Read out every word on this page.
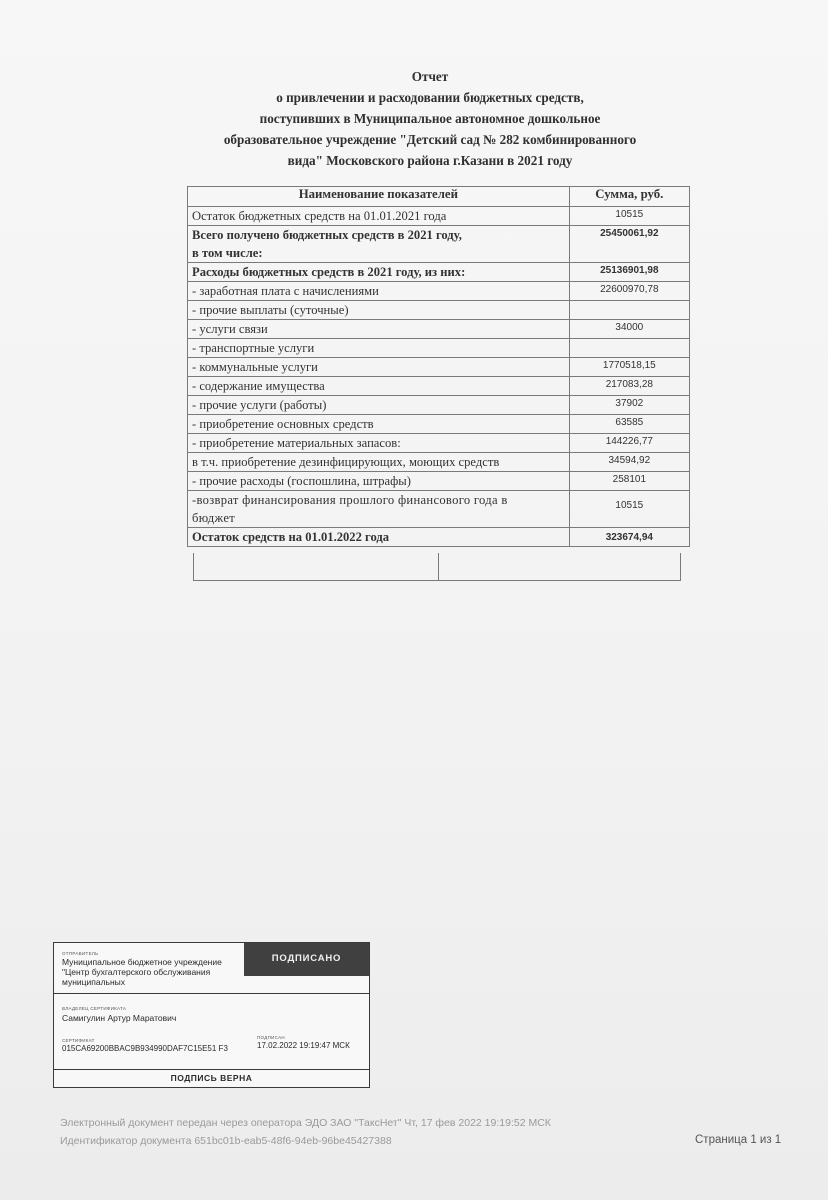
Отчет
о привлечении и расходовании бюджетных средств,
поступивших в Муниципальное автономное дошкольное
образовательное учреждение "Детский сад № 282 комбинированного
вида" Московского района г.Казани в 2021 году
Наименование показателей	Сумма, руб.
Остаток бюджетных средств на 01.01.2021 года	10515
Всего получено бюджетных средств в 2021 году,
в том числе:	25450061,92
Расходы бюджетных средств в 2021 году, из них:	25136901,98
- заработная плата с начислениями	22600970,78
- прочие выплаты (суточные)	
- услуги связи	34000
- транспортные услуги	
- коммунальные услуги	1770518,15
- содержание имущества	217083,28
- прочие услуги (работы)	37902
- приобретение основных средств	63585
- приобретение материальных запасов:	144226,77
в т.ч. приобретение дезинфицирующих, моющих средств	34594,92
- прочие расходы (госпошлина, штрафы)	258101
-возврат финансирования прошлого финансового года в
бюджет	10515
Остаток средств на 01.01.2022 года	323674,94
ОТПРАВИТЕЛЬ
Муниципальное бюджетное учреждение "Центр бухгалтерского обслуживания муниципальных
ПОДПИСАНО
ВЛАДЕЛЕЦ СЕРТИФИКАТА
Самигулин Артур Маратович
СЕРТИФИКАТ
015CA69200BBAC9B934990DAF7C15E51 F3
ПОДПИСАН
17.02.2022 19:19:47 МСК
ПОДПИСЬ ВЕРНА
Электронный документ передан через оператора ЭДО ЗАО "ТаксНет" Чт, 17 фев 2022 19:19:52 МСК
Идентификатор документа 651bc01b-eab5-48f6-94eb-96be45427388	Страница 1 из 1
